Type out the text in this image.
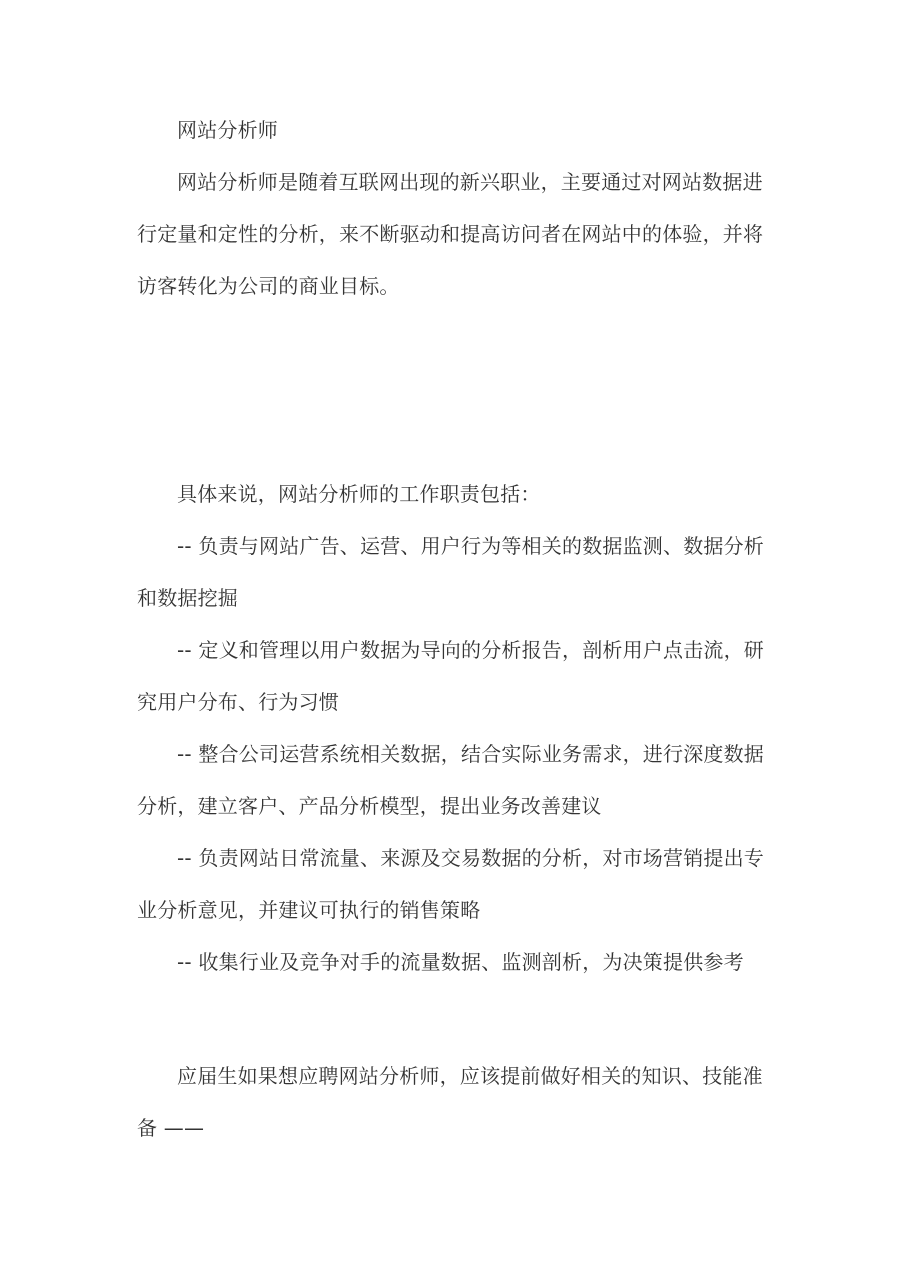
网站分析师

网站分析师是随着互联网出现的新兴职业，主要通过对网站数据进行定量和定性的分析，来不断驱动和提高访问者在网站中的体验，并将访客转化为公司的商业目标。

具体来说，网站分析师的工作职责包括：

-- 负责与网站广告、运营、用户行为等相关的数据监测、数据分析和数据挖掘

-- 定义和管理以用户数据为导向的分析报告，剖析用户点击流，研究用户分布、行为习惯

-- 整合公司运营系统相关数据，结合实际业务需求，进行深度数据分析，建立客户、产品分析模型，提出业务改善建议

-- 负责网站日常流量、来源及交易数据的分析，对市场营销提出专业分析意见，并建议可执行的销售策略

-- 收集行业及竞争对手的流量数据、监测剖析，为决策提供参考

应届生如果想应聘网站分析师，应该提前做好相关的知识、技能准备 ——
